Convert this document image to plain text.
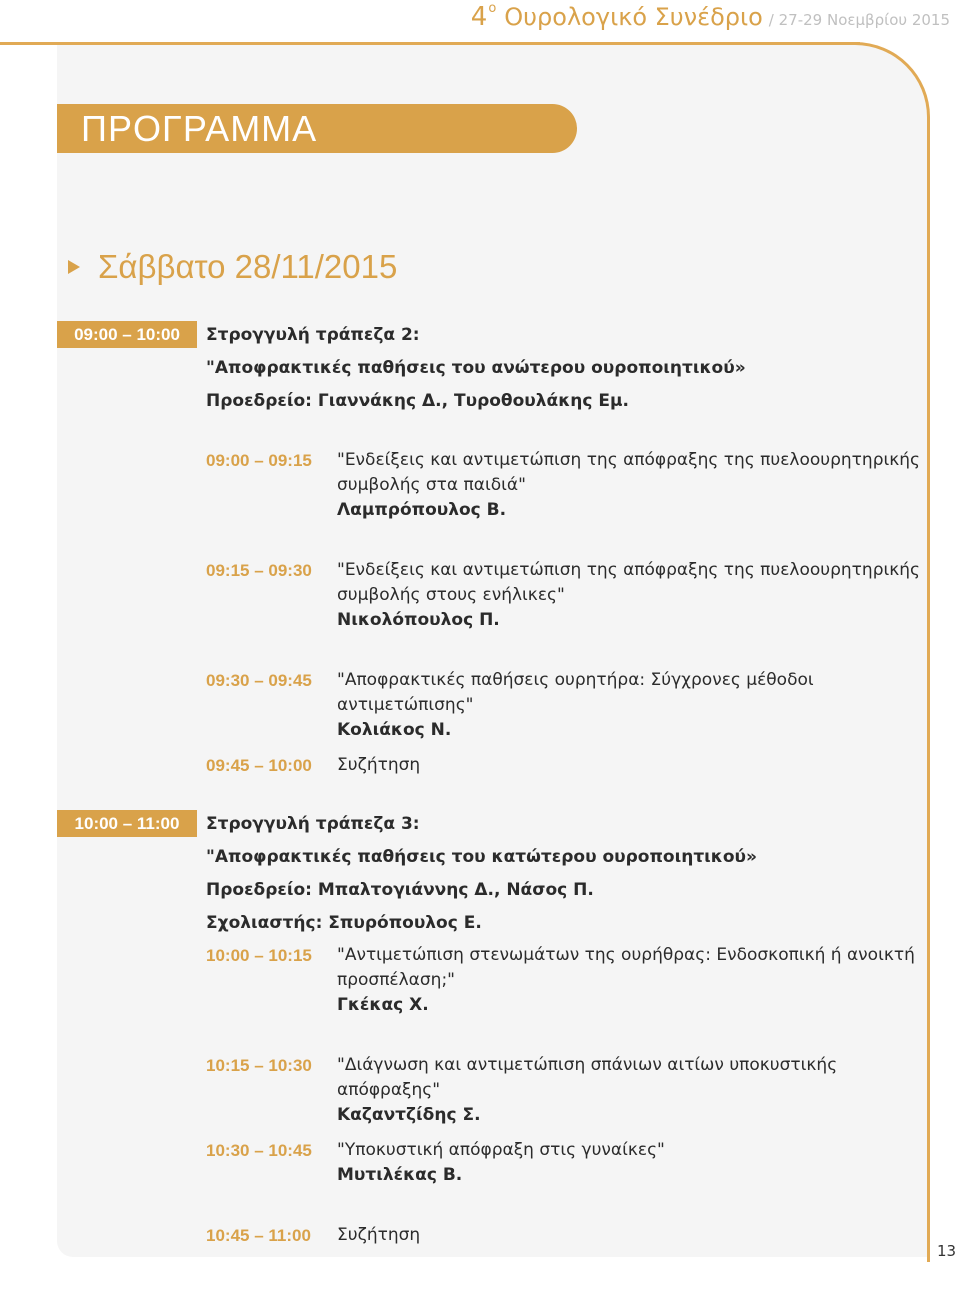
4 ο Ουρολογικό Συνέδριο / 27-29 Νοεμβρίου 2015
ΠΡΟΓΡΑΜΜΑ
Σάββατο 28/11/2015
09:00 – 10:00	Στρογγυλή τράπεζα 2:
"Αποφρακτικές παθήσεις του ανώτερου ουροποιητικού»
Προεδρείο: Γιαννάκης Δ., Τυροθουλάκης Εμ.
09:00 – 09:15 "Ενδείξεις και αντιμετώπιση της απόφραξης της πυελοουρητηρικής
συμβολής στα παιδιά"
Λαμπρόπουλος Β.
09:15 – 09:30 "Ενδείξεις και αντιμετώπιση της απόφραξης της πυελοουρητηρικής
συμβολής στους ενήλικες"
Νικολόπουλος Π.
09:30 – 09:45 "Αποφρακτικές παθήσεις ουρητήρα: Σύγχρονες μέθοδοι αντιμετώπισης"
Κολιάκος Ν.
09:45 – 10:00 Συζήτηση
10:00 – 11:00	Στρογγυλή τράπεζα 3:
"Αποφρακτικές παθήσεις του κατώτερου ουροποιητικού»
Προεδρείο: Μπαλτογιάννης Δ., Νάσος Π.
Σχολιαστής: Σπυρόπουλος Ε.
10:00 – 10:15 "Αντιμετώπιση στενωμάτων της ουρήθρας: Ενδοσκοπική ή ανοικτή
προσπέλαση;"
Γκέκας Χ.
10:15 – 10:30 "Διάγνωση και αντιμετώπιση σπάνιων αιτίων υποκυστικής απόφραξης"
Καζαντζίδης Σ.
10:30 – 10:45 "Υποκυστική απόφραξη στις γυναίκες"
Μυτιλέκας Β.
10:45 – 11:00 Συζήτηση
13
